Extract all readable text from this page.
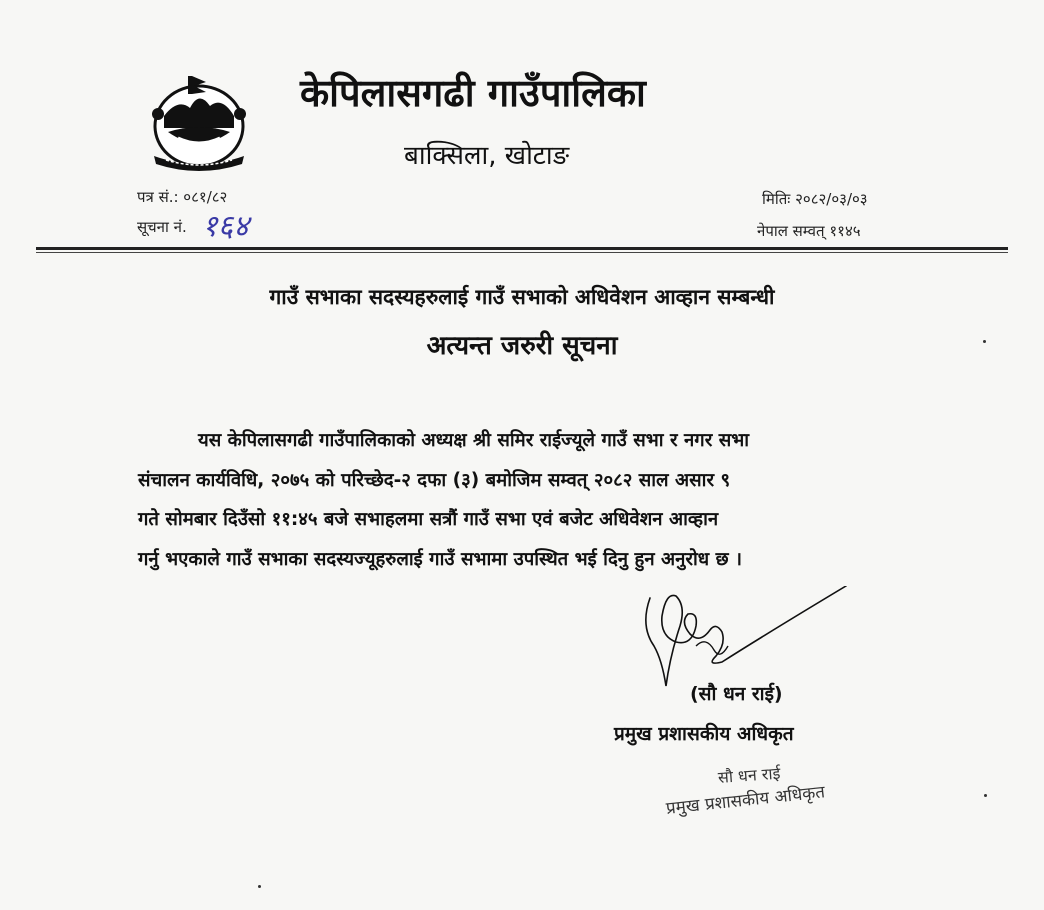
केपिलासगढी गाउँपालिका
बाक्सिला, खोटाङ
पत्र सं.: ०८१/८२
सूचना नं. १६४
मितिः २०८२/०३/०३
नेपाल सम्वत् ११४५
गाउँ सभाका सदस्यहरुलाई गाउँ सभाको अधिवेशन आव्हान सम्बन्धी
अत्यन्त जरुरी सूचना
यस केपिलासगढी गाउँपालिकाको अध्यक्ष श्री समिर राईज्यूले गाउँ सभा र नगर सभा
संचालन कार्यविधि, २०७५ को परिच्छेद-२ दफा (३) बमोजिम सम्वत् २०८२ साल असार ९
गते सोमबार दिउँसो ११:४५ बजे सभाहलमा सत्रौं गाउँ सभा एवं बजेट अधिवेशन आव्हान
गर्नु भएकाले गाउँ सभाका सदस्यज्यूहरुलाई गाउँ सभामा उपस्थित भई दिनु हुन अनुरोध छ ।
(सौ धन राई)
प्रमुख प्रशासकीय अधिकृत
सौ धन राई
प्रमुख प्रशासकीय अधिकृत
